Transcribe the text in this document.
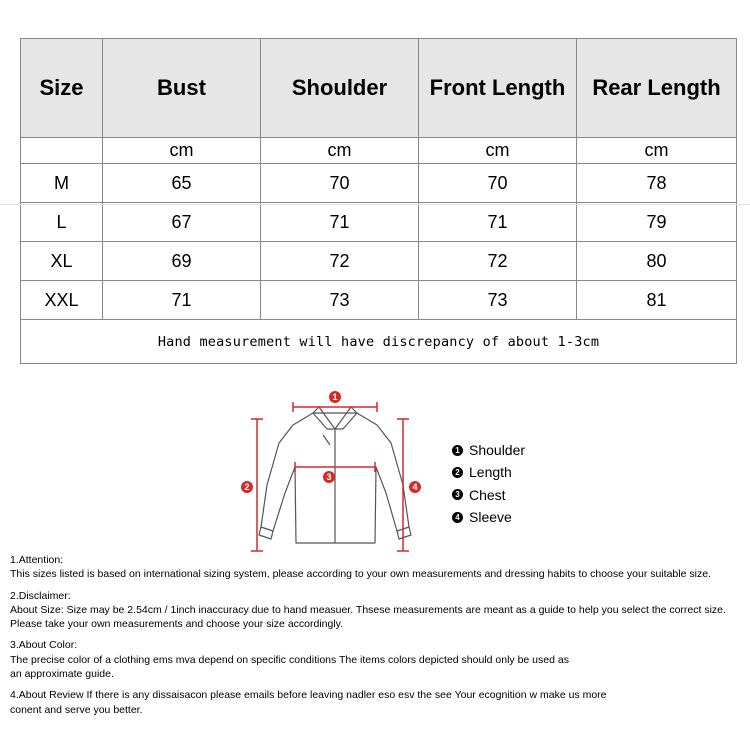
Size	Bust	Shoulder	Front Length	Rear Length
	cm	cm	cm	cm
M	65	70	70	78
L	67	71	71	79
XL	69	72	72	80
XXL	71	73	73	81
Hand measurement will have discrepancy of about 1-3cm				
1
2
3
4
1 Shoulder
2 Length
3 Chest
4 Sleeve

1.Attention:

This sizes listed is based on international sizing system, please according to your own measurements and dressing habits to choose your suitable size.

2.Disclaimer:

About Size: Size may be 2.54cm / 1inch inaccuracy due to hand measuer. Thsese measurements are meant as a guide to help you select the correct size.

Please take your own measurements and choose your size accordingly.

3.About Color:

The precise color of a clothing ems mva depend on specific conditions The items colors depicted should only be used as

an approximate guide.

4.About Review If there is any dissaisacon please emails before leaving nadler eso esv the see Your ecognition w make us more

conent and serve you better.
